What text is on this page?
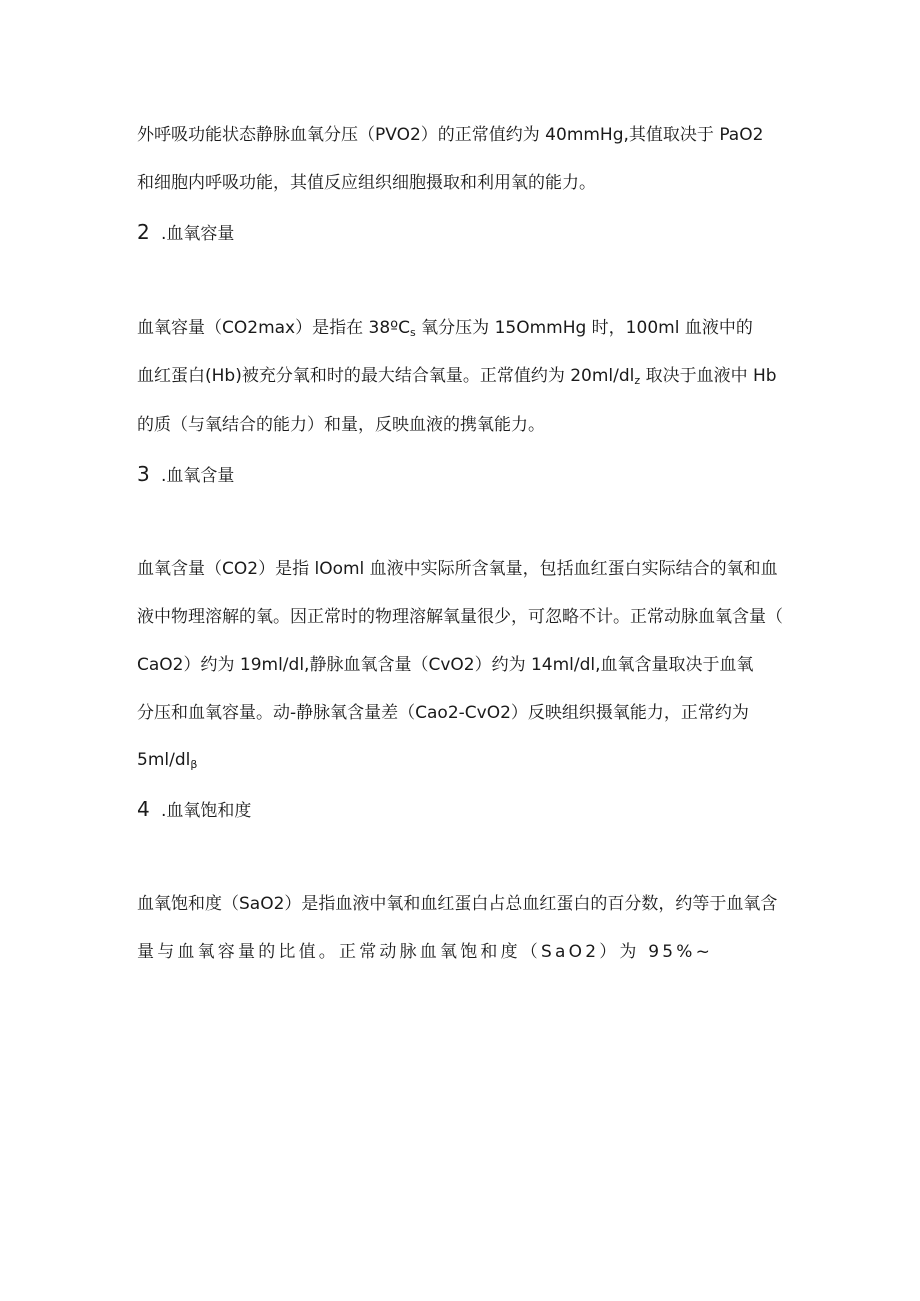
外呼吸功能状态静脉血氧分压（PVO2）的正常值约为 40mmHg,其值取决于 PaO2
和细胞内呼吸功能，其值反应组织细胞摄取和利用氧的能力。
2 .血氧容量
血氧容量（CO2max）是指在 38ºC$_s$ 氧分压为 15OmmHg 时，100ml 血液中的
血红蛋白(Hb)被充分氧和时的最大结合氧量。正常值约为 $20ml/dl_z$ 取决于血液中 Hb
的质（与氧结合的能力）和量，反映血液的携氧能力。
3 .血氧含量
血氧含量（CO2）是指 lOoml 血液中实际所含氧量，包括血红蛋白实际结合的氧和血
液中物理溶解的氧。因正常时的物理溶解氧量很少，可忽略不计。正常动脉血氧含量（
CaO2）约为 19ml/dl,静脉血氧含量（CvO2）约为 14ml/dl,血氧含量取决于血氧
分压和血氧容量。动-静脉氧含量差（Cao2-CvO2）反映组织摄氧能力，正常约为
$5ml∕dl_\beta$
4 .血氧饱和度
血氧饱和度（SaO2）是指血液中氧和血红蛋白占总血红蛋白的百分数，约等于血氧含
量与血氧容量的比值。正常动脉血氧饱和度（SaO2）为 95%~
